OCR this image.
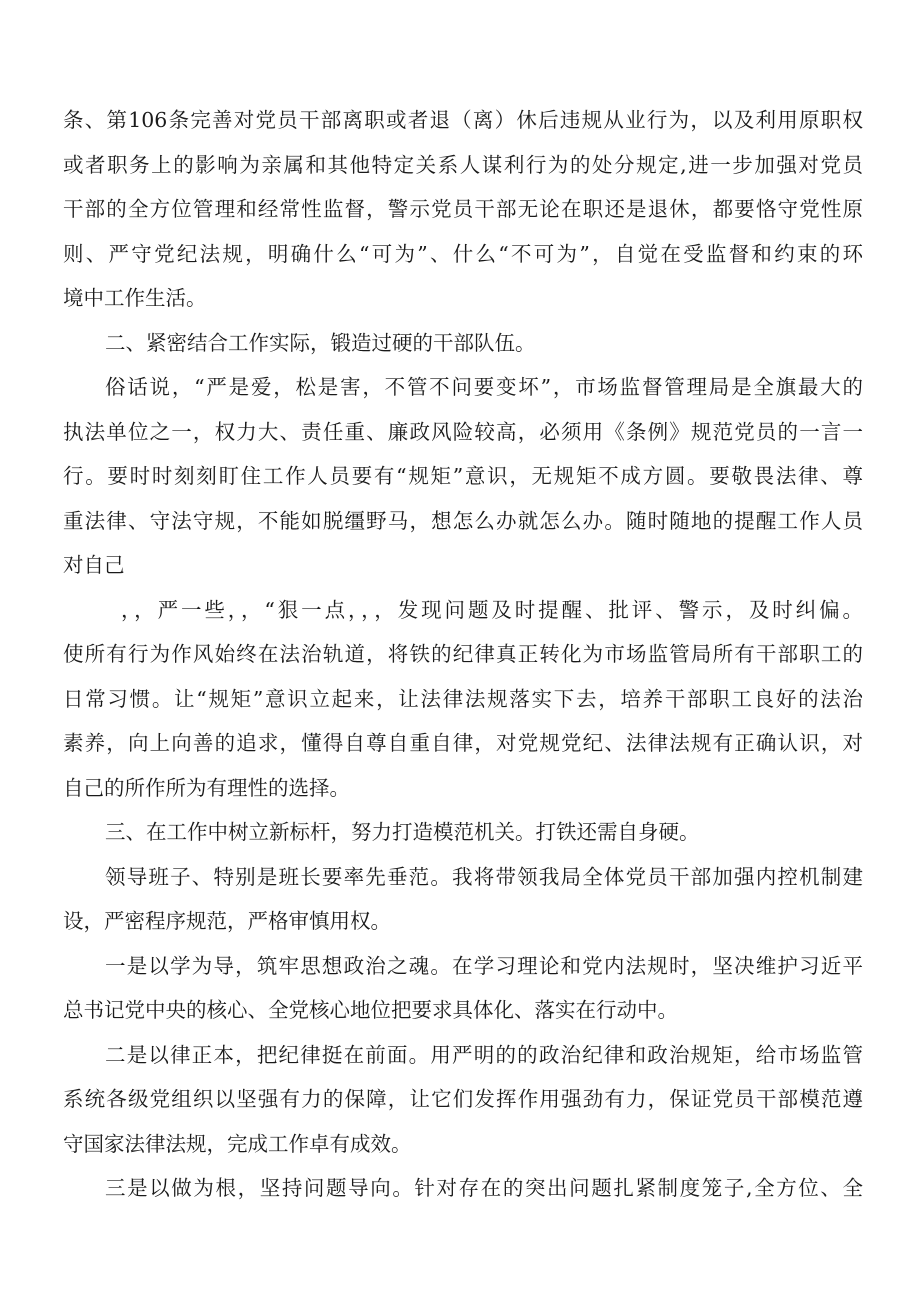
条、第106条完善对党员干部离职或者退（离）休后违规从业行为，以及利用原职权
或者职务上的影响为亲属和其他特定关系人谋利行为的处分规定,进一步加强对党员
干部的全方位管理和经常性监督，警示党员干部无论在职还是退休，都要恪守党性原
则、严守党纪法规，明确什么“可为”、什么“不可为”，自觉在受监督和约束的环
境中工作生活。
二、紧密结合工作实际，锻造过硬的干部队伍。
俗话说，“严是爱，松是害，不管不问要变坏”，市场监督管理局是全旗最大的
执法单位之一，权力大、责任重、廉政风险较高，必须用《条例》规范党员的一言一
行。要时时刻刻盯住工作人员要有“规矩”意识，无规矩不成方圆。要敬畏法律、尊
重法律、守法守规，不能如脱缰野马，想怎么办就怎么办。随时随地的提醒工作人员
对自己
，，严一些，，“狠一点，，，发现问题及时提醒、批评、警示，及时纠偏。
使所有行为作风始终在法治轨道，将铁的纪律真正转化为市场监管局所有干部职工的
日常习惯。让“规矩”意识立起来，让法律法规落实下去，培养干部职工良好的法治
素养，向上向善的追求，懂得自尊自重自律，对党规党纪、法律法规有正确认识，对
自己的所作所为有理性的选择。
三、在工作中树立新标杆，努力打造模范机关。打铁还需自身硬。
领导班子、特别是班长要率先垂范。我将带领我局全体党员干部加强内控机制建
设，严密程序规范，严格审慎用权。
一是以学为导，筑牢思想政治之魂。在学习理论和党内法规时，坚决维护习近平
总书记党中央的核心、全党核心地位把要求具体化、落实在行动中。
二是以律正本，把纪律挺在前面。用严明的的政治纪律和政治规矩，给市场监管
系统各级党组织以坚强有力的保障，让它们发挥作用强劲有力，保证党员干部模范遵
守国家法律法规，完成工作卓有成效。
三是以做为根，坚持问题导向。针对存在的突出问题扎紧制度笼子,全方位、全
